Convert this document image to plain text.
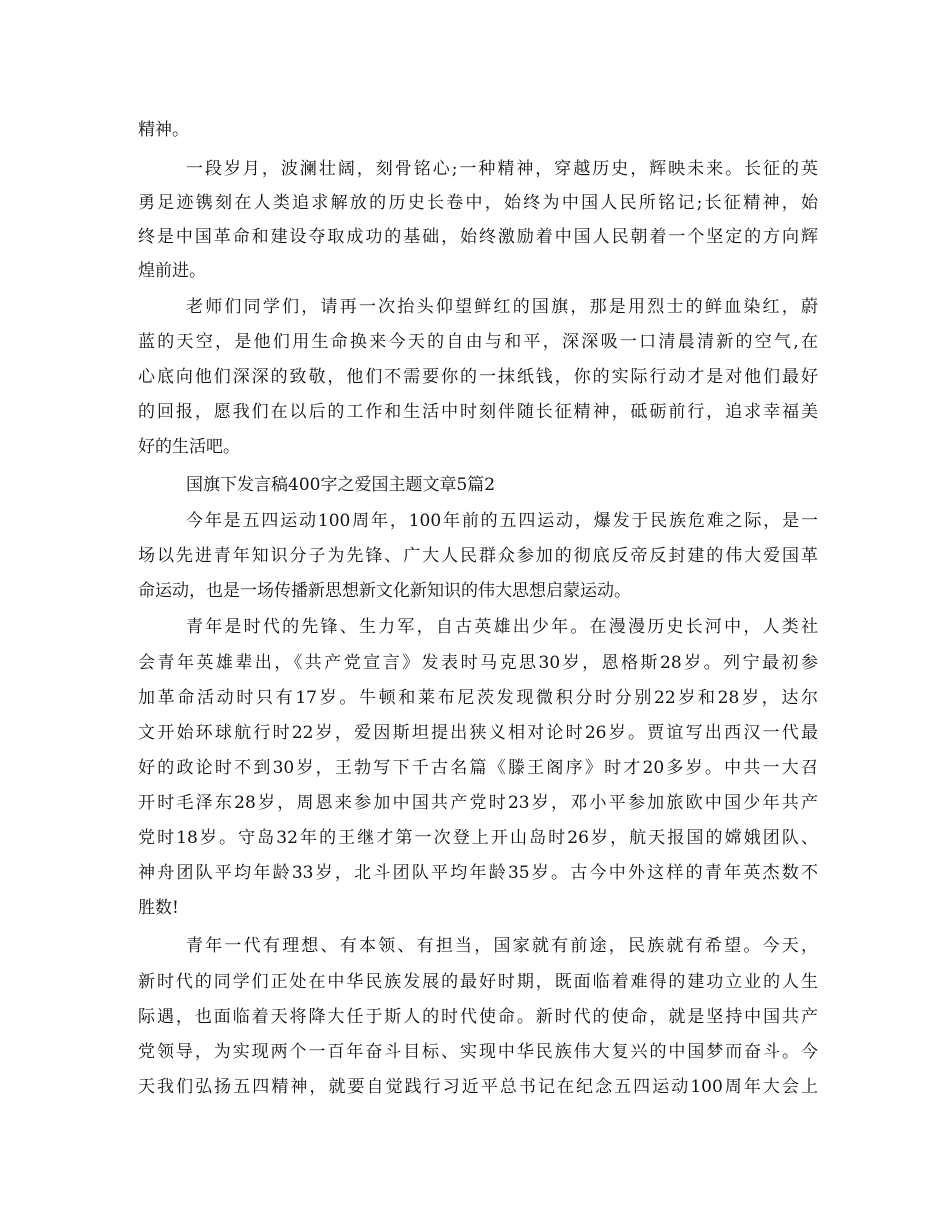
精神。
一段岁月，波澜壮阔，刻骨铭心;一种精神，穿越历史，辉映未来。长征的英
勇足迹镌刻在人类追求解放的历史长卷中，始终为中国人民所铭记;长征精神，始
终是中国革命和建设夺取成功的基础，始终激励着中国人民朝着一个坚定的方向辉
煌前进。
老师们同学们，请再一次抬头仰望鲜红的国旗，那是用烈士的鲜血染红，蔚
蓝的天空，是他们用生命换来今天的自由与和平，深深吸一口清晨清新的空气,在
心底向他们深深的致敬，他们不需要你的一抹纸钱，你的实际行动才是对他们最好
的回报，愿我们在以后的工作和生活中时刻伴随长征精神，砥砺前行，追求幸福美
好的生活吧。
国旗下发言稿400字之爱国主题文章5篇2
今年是五四运动100周年，100年前的五四运动，爆发于民族危难之际，是一
场以先进青年知识分子为先锋、广大人民群众参加的彻底反帝反封建的伟大爱国革
命运动，也是一场传播新思想新文化新知识的伟大思想启蒙运动。
青年是时代的先锋、生力军，自古英雄出少年。在漫漫历史长河中，人类社
会青年英雄辈出，《共产党宣言》发表时马克思30岁，恩格斯28岁。列宁最初参
加革命活动时只有17岁。牛顿和莱布尼茨发现微积分时分别22岁和28岁，达尔
文开始环球航行时22岁，爱因斯坦提出狭义相对论时26岁。贾谊写出西汉一代最
好的政论时不到30岁，王勃写下千古名篇《滕王阁序》时才20多岁。中共一大召
开时毛泽东28岁，周恩来参加中国共产党时23岁，邓小平参加旅欧中国少年共产
党时18岁。守岛32年的王继才第一次登上开山岛时26岁，航天报国的嫦娥团队、
神舟团队平均年龄33岁，北斗团队平均年龄35岁。古今中外这样的青年英杰数不
胜数!
青年一代有理想、有本领、有担当，国家就有前途，民族就有希望。今天，
新时代的同学们正处在中华民族发展的最好时期，既面临着难得的建功立业的人生
际遇，也面临着天将降大任于斯人的时代使命。新时代的使命，就是坚持中国共产
党领导，为实现两个一百年奋斗目标、实现中华民族伟大复兴的中国梦而奋斗。今
天我们弘扬五四精神，就要自觉践行习近平总书记在纪念五四运动100周年大会上
